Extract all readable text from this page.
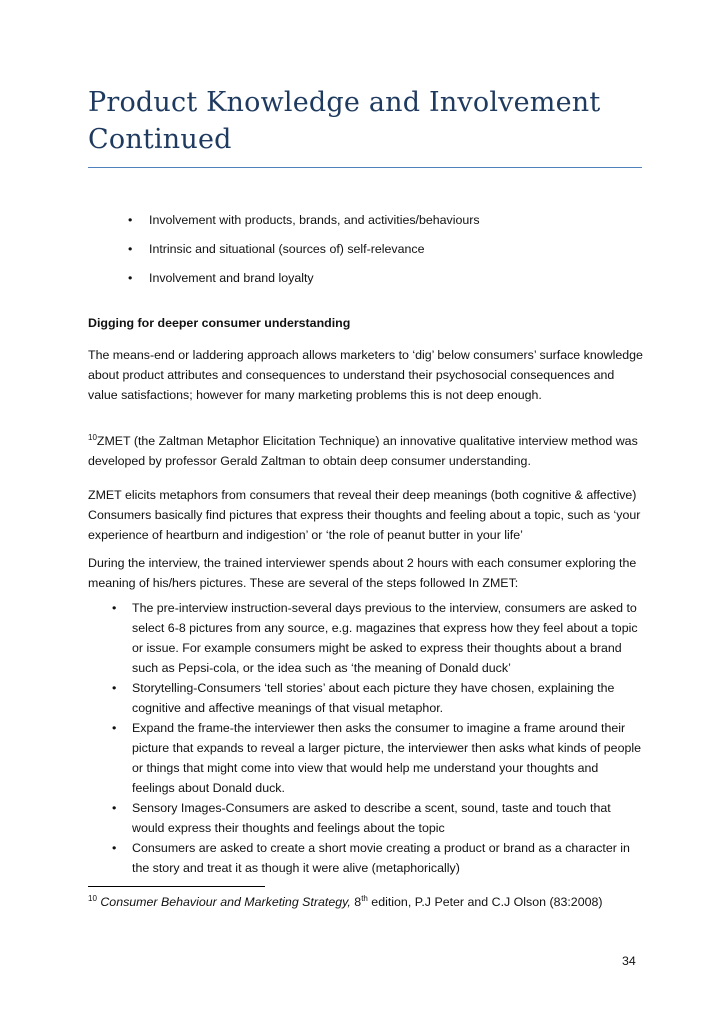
Product Knowledge and Involvement Continued
• Involvement with products, brands, and activities/behaviours
• Intrinsic and situational (sources of) self-relevance
• Involvement and brand loyalty
Digging for deeper consumer understanding

The means-end or laddering approach allows marketers to ‘dig’ below consumers’ surface knowledge about product attributes and consequences to understand their psychosocial consequences and value satisfactions; however for many marketing problems this is not deep enough.

$^{10}$ZMET (the Zaltman Metaphor Elicitation Technique) an innovative qualitative interview method was developed by professor Gerald Zaltman to obtain deep consumer understanding.

ZMET elicits metaphors from consumers that reveal their deep meanings (both cognitive & affective) Consumers basically find pictures that express their thoughts and feeling about a topic, such as ‘your experience of heartburn and indigestion’ or ‘the role of peanut butter in your life’

During the interview, the trained interviewer spends about 2 hours with each consumer exploring the meaning of his/hers pictures. These are several of the steps followed In ZMET:

• The pre-interview instruction-several days previous to the interview, consumers are asked to select 6-8 pictures from any source, e.g. magazines that express how they feel about a topic or issue. For example consumers might be asked to express their thoughts about a brand such as Pepsi-cola, or the idea such as ‘the meaning of Donald duck’
• Storytelling-Consumers ‘tell stories’ about each picture they have chosen, explaining the cognitive and affective meanings of that visual metaphor.
• Expand the frame-the interviewer then asks the consumer to imagine a frame around their picture that expands to reveal a larger picture, the interviewer then asks what kinds of people or things that might come into view that would help me understand your thoughts and feelings about Donald duck.
• Sensory Images-Consumers are asked to describe a scent, sound, taste and touch that would express their thoughts and feelings about the topic
• Consumers are asked to create a short movie creating a product or brand as a character in the story and treat it as though it were alive (metaphorically)
$^{10}$ Consumer Behaviour and Marketing Strategy, 8th edition, P.J Peter and C.J Olson (83:2008)
34
